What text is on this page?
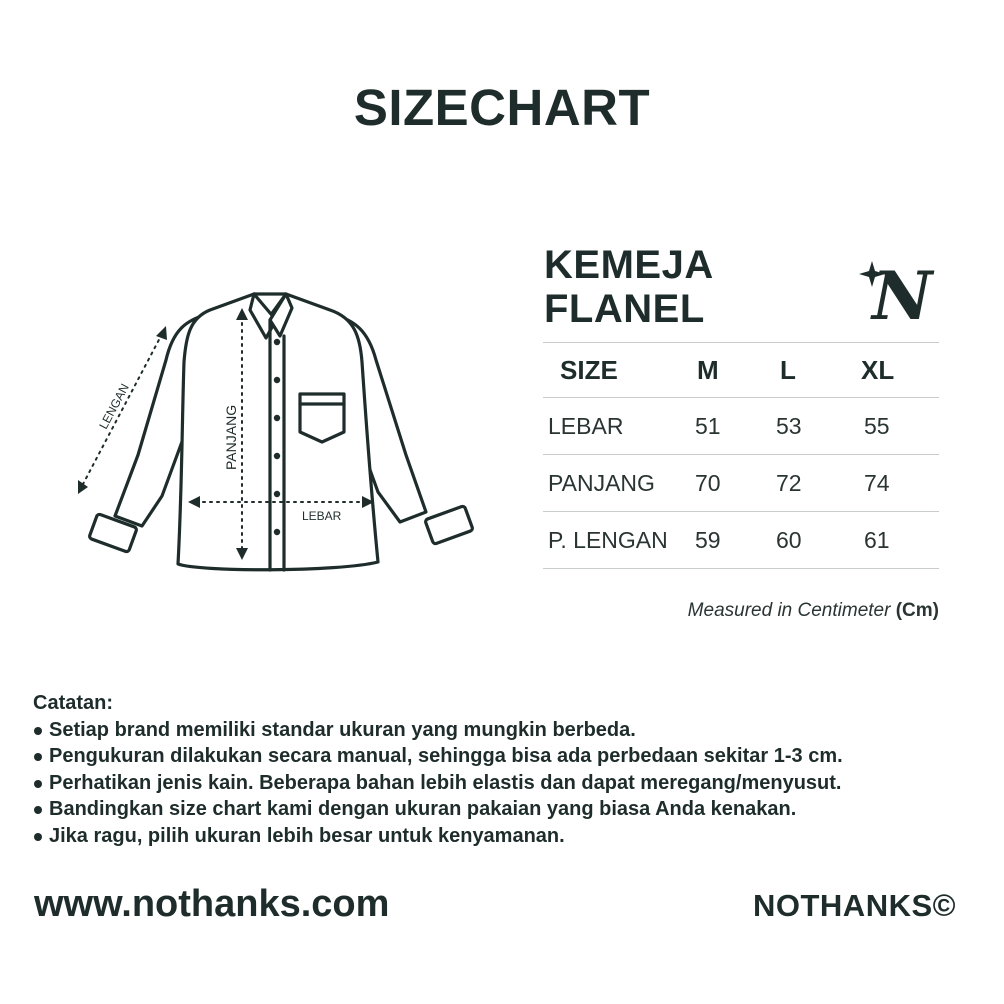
SIZECHART
LENGAN	PANJANG
LEBAR
KEMEJA
FLANEL	N
SIZE	M L	XL
LEBAR	51 53	55
PANJANG 70 72	74
P. LENGAN 59 60	61
Measured in Centimeter (Cm)
Catatan:
Setiap brand memiliki standar ukuran yang mungkin berbeda.
Pengukuran dilakukan secara manual, sehingga bisa ada perbedaan sekitar 1-3 cm.
Perhatikan jenis kain. Beberapa bahan lebih elastis dan dapat meregang/menyusut.
Bandingkan size chart kami dengan ukuran pakaian yang biasa Anda kenakan.
Jika ragu, pilih ukuran lebih besar untuk kenyamanan.
www.nothanks.com	NOTHANKS©
